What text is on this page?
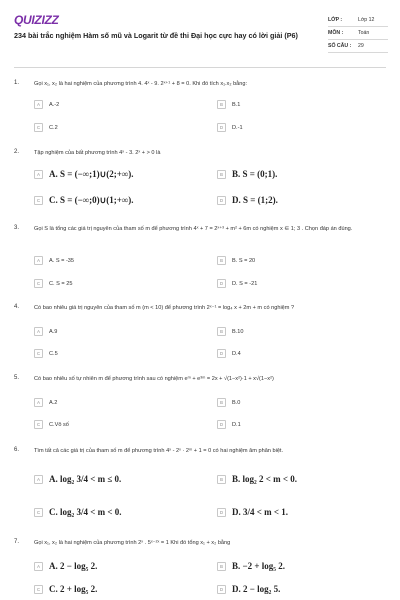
QUIZIZZ
234 bài trắc nghiệm Hàm số mũ và Logarit từ đề thi Đại học cực hay có lời giải (P6)
LỚP :	Lớp 12
MÔN :	Toán
SỐ CÂU :	29
1.	Gọi x₁, x₂ là hai nghiệm của phương trình 4. 4ˣ - 9. 2ˣ⁺¹ + 8 = 0. Khi đó tích x₁.x₂ bằng:
A	A.-2	B	B.1
C	C.2	D	D.-1
2.	Tập nghiệm của bất phương trình 4ˣ - 3. 2ˣ + > 0 là
A	A. S = (−∞;1)∪(2;+∞).	B	B. S = (0;1).
C C. S = (−∞;0)∪(1;+∞).	D D. S = (1;2).
3.	Gọi S là tổng các giá trị nguyên của tham số m để phương trình 4ˣ + 7 = 2ˣ⁺³ + m² + 6m có nghiệm x ∈ 1; 3 . Chọn đáp án đúng.
A	A. S = -35	B	B. S = 20
C	C. S = 25	D	D. S = -21
4.	Có bao nhiêu giá trị nguyên của tham số m (m < 10) để phương trình 2ˣ⁻¹ = log₄ x + 2m + m có nghiệm ?
A	A.9	B	B.10
C	C.5	D	D.4
5.	Có bao nhiêu số tự nhiên m để phương trình sau có nghiệm eᵐ + e³ᵐ = 2x + √(1−x²)·1 + x√(1−x²)
A	A.2	B	B.0
C	C.Vô số	D	D.1
6.	Tìm tất cả các giá trị của tham số m để phương trình 4ˣ - 2ˣ · 2ᵐ + 1 = 0 có hai nghiệm âm phân biệt.
A	A. log₂ 3/4 < m ≤ 0.	B	B. log₂ 2 < m < 0.
C C. log₂ 3/4 < m < 0.	D D. 3/4 < m < 1.
7.	Gọi x₁, x₂ là hai nghiệm của phương trình 2ˣ . 5ˣ⁻²ˣ = 1 Khi đó tổng x₁ + x₂ bằng
A	A. 2 − log₅ 2.	B	B. −2 + log₅ 2.
C C. 2 + log₅ 2.	D D. 2 − log₂ 5.
